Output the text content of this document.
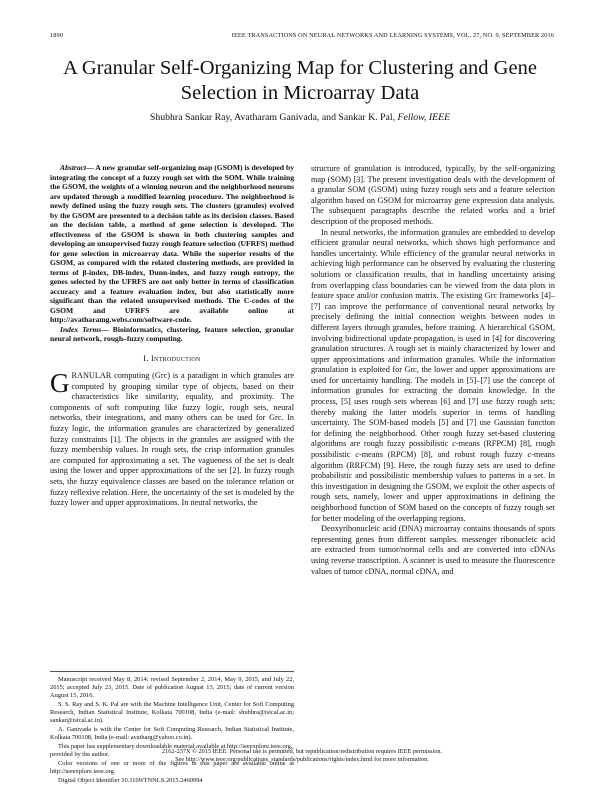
1890	IEEE TRANSACTIONS ON NEURAL NETWORKS AND LEARNING SYSTEMS, VOL. 27, NO. 9, SEPTEMBER 2016
A Granular Self-Organizing Map for Clustering and Gene Selection in Microarray Data
Shubhra Sankar Ray, Avatharam Ganivada, and Sankar K. Pal, Fellow, IEEE

Abstract— A new granular self-organizing map (GSOM) is developed by integrating the concept of a fuzzy rough set with the SOM. While training the GSOM, the weights of a winning neuron and the neighborhood neurons are updated through a modified learning procedure. The neighborhood is newly defined using the fuzzy rough sets. The clusters (granules) evolved by the GSOM are presented to a decision table as its decision classes. Based on the decision table, a method of gene selection is developed. The effectiveness of the GSOM is shown in both clustering samples and developing an unsupervised fuzzy rough feature selection (UFRFS) method for gene selection in microarray data. While the superior results of the GSOM, as compared with the related clustering methods, are provided in terms of β-index, DB-index, Dunn-index, and fuzzy rough entropy, the genes selected by the UFRFS are not only better in terms of classification accuracy and a feature evaluation index, but also statistically more significant than the related unsupervised methods. The C-codes of the GSOM and UFRFS are available online at http://avatharamg.webs.com/software-code.

Index Terms— Bioinformatics, clustering, feature selection, granular neural network, rough–fuzzy computing.

I. Introduction

GRANULAR computing (Grc) is a paradigm in which granules are computed by grouping similar type of objects, based on their characteristics like similarity, equality, and proximity. The components of soft computing like fuzzy logic, rough sets, neural networks, their integrations, and many others can be used for Grc. In fuzzy logic, the information granules are characterized by generalized fuzzy constraints [1]. The objects in the granules are assigned with the fuzzy membership values. In rough sets, the crisp information granules are computed for approximating a set. The vagueness of the set is dealt using the lower and upper approximations of the set [2]. In fuzzy rough sets, the fuzzy equivalence classes are based on the tolerance relation or fuzzy reflexive relation. Here, the uncertainty of the set is modeled by the fuzzy lower and upper approximations. In neural networks, the

Manuscript received May 8, 2014; revised September 2, 2014, May 9, 2015, and July 22, 2015; accepted July 23, 2015. Date of publication August 13, 2015; date of current version August 15, 2016.

S. S. Ray and S. K. Pal are with the Machine Intelligence Unit, Center for Soft Computing Research, Indian Statistical Institute, Kolkata 700108, India (e-mail: shubhra@isical.ac.in; sankar@isical.ac.in).

A. Ganivada is with the Center for Soft Computing Research, Indian Statistical Institute, Kolkata 700108, India (e-mail: avatharg@yahoo.co.in).

This paper has supplementary downloadable material available at http://ieeexplore.ieee.org., provided by the author.

Color versions of one or more of the figures in this paper are available online at http://ieeexplore.ieee.org.

Digital Object Identifier 10.1109/TNNLS.2015.2460994

structure of granulation is introduced, typically, by the self-organizing map (SOM) [3]. The present investigation deals with the development of a granular SOM (GSOM) using fuzzy rough sets and a feature selection algorithm based on GSOM for microarray gene expression data analysis. The subsequent paragraphs describe the related works and a brief description of the proposed methods.

In neural networks, the information granules are embedded to develop efficient granular neural networks, which shows high performance and handles uncertainty. While efficiency of the granular neural networks in achieving high performance can be observed by evaluating the clustering solutions or classification results, that in handling uncertainty arising from overlapping class boundaries can be viewed from the data plots in feature space and/or confusion matrix. The existing Grc frameworks [4]–[7] can improve the performance of conventional neural networks by precisely defining the initial connection weights between nodes in different layers through granules, before training. A hierarchical GSOM, involving bidirectional update propagation, is used in [4] for discovering granulation structures. A rough set is mainly characterized by lower and upper approximations and information granules. While the information granulation is exploited for Grc, the lower and upper approximations are used for uncertainty handling. The models in [5]–[7] use the concept of information granules for extracting the domain knowledge. In the process, [5] uses rough sets whereas [6] and [7] use fuzzy rough sets; thereby making the latter models superior in terms of handling uncertainty. The SOM-based models [5] and [7] use Gaussian function for defining the neighborhood. Other rough fuzzy set-based clustering algorithms are rough fuzzy possibilistic c-means (RFPCM) [8], rough possibilistic c-means (RPCM) [8], and robust rough fuzzy c-means algorithm (RRFCM) [9]. Here, the rough fuzzy sets are used to define probabilistic and possibilistic membership values to patterns in a set. In this investigation in designing the GSOM, we exploit the other aspects of rough sets, namely, lower and upper approximations in defining the neighborhood function of SOM based on the concepts of fuzzy rough set for better modeling of the overlapping regions.

Deoxyribonucleic acid (DNA) microarray contains thousands of spots representing genes from different samples. messenger ribonucleic acid are extracted from tumor/normal cells and are converted into cDNAs using reverse transcription. A scanner is used to measure the fluorescence values of tumor cDNA, normal cDNA, and

2162-237X © 2015 IEEE. Personal use is permitted, but republication/redistribution requires IEEE permission.
See http://www.ieee.org/publications_standards/publications/rights/index.html for more information.
